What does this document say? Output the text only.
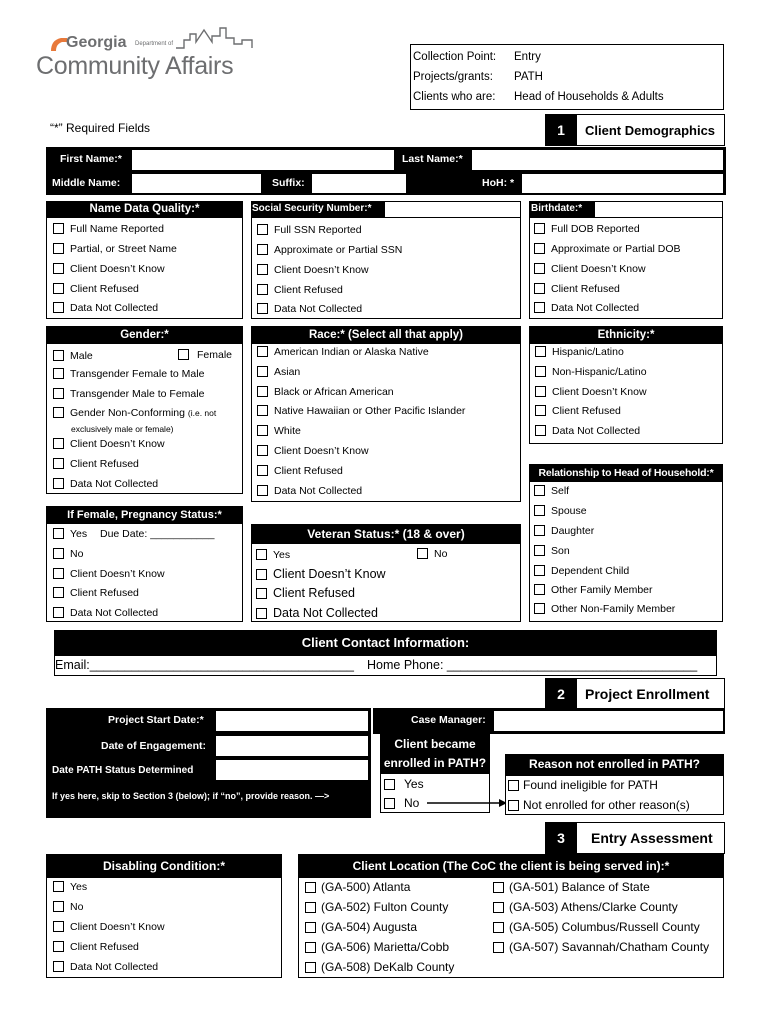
Georgia Department of
Community Affairs	Collection Point: Entry
Projects/grants: PATH
Clients who are: Head of Households & Adults
“*” Required Fields	1	Client Demographics
First Name:*	Last Name:*
Middle Name:	Suffix:	HoH: *
Name Data Quality:*
Full Name Reported
Partial, or Street Name
Client Doesn’t Know
Client Refused
Data Not Collected
Social Security Number:*
Full SSN Reported
Approximate or Partial SSN
Client Doesn’t Know
Client Refused
Data Not Collected
Birthdate:*
Full DOB Reported
Approximate or Partial DOB
Client Doesn’t Know
Client Refused
Data Not Collected
Gender:*
Male	Female
Transgender Female to Male
Transgender Male to Female
Gender Non-Conforming (i.e. not
exclusively male or female)
Client Doesn’t Know
Client Refused
Data Not Collected
Race:* (Select all that apply)
American Indian or Alaska Native
Asian
Black or African American
Native Hawaiian or Other Pacific Islander
White
Client Doesn’t Know
Client Refused
Data Not Collected
Ethnicity:*
Hispanic/Latino
Non-Hispanic/Latino
Client Doesn’t Know
Client Refused
Data Not Collected
Relationship to Head of Household:*
Self
Spouse
Daughter
Son
Dependent Child
Other Family Member
Other Non-Family Member
If Female, Pregnancy Status:*
Yes Due Date: ___________
No
Client Doesn’t Know
Client Refused
Data Not Collected
Veteran Status:* (18 & over)
Yes	No
Client Doesn’t Know
Client Refused
Data Not Collected
Client Contact Information:
Email:______________________________________ Home Phone: ____________________________________
2	Project Enrollment
Project Start Date:*
Date of Engagement:
Date PATH Status Determined
If yes here, skip to Section 3 (below); if “no”, provide reason. —>
Case Manager:
Client became
enrolled in PATH?
Yes
No
Reason not enrolled in PATH?
Found ineligible for PATH
Not enrolled for other reason(s)
3	Entry Assessment
Disabling Condition:*
Yes
No
Client Doesn’t Know
Client Refused
Data Not Collected
Client Location (The CoC the client is being served in):*
(GA-500) Atlanta
(GA-502) Fulton County
(GA-504) Augusta
(GA-506) Marietta/Cobb
(GA-508) DeKalb County
(GA-501) Balance of State
(GA-503) Athens/Clarke County
(GA-505) Columbus/Russell County
(GA-507) Savannah/Chatham County
